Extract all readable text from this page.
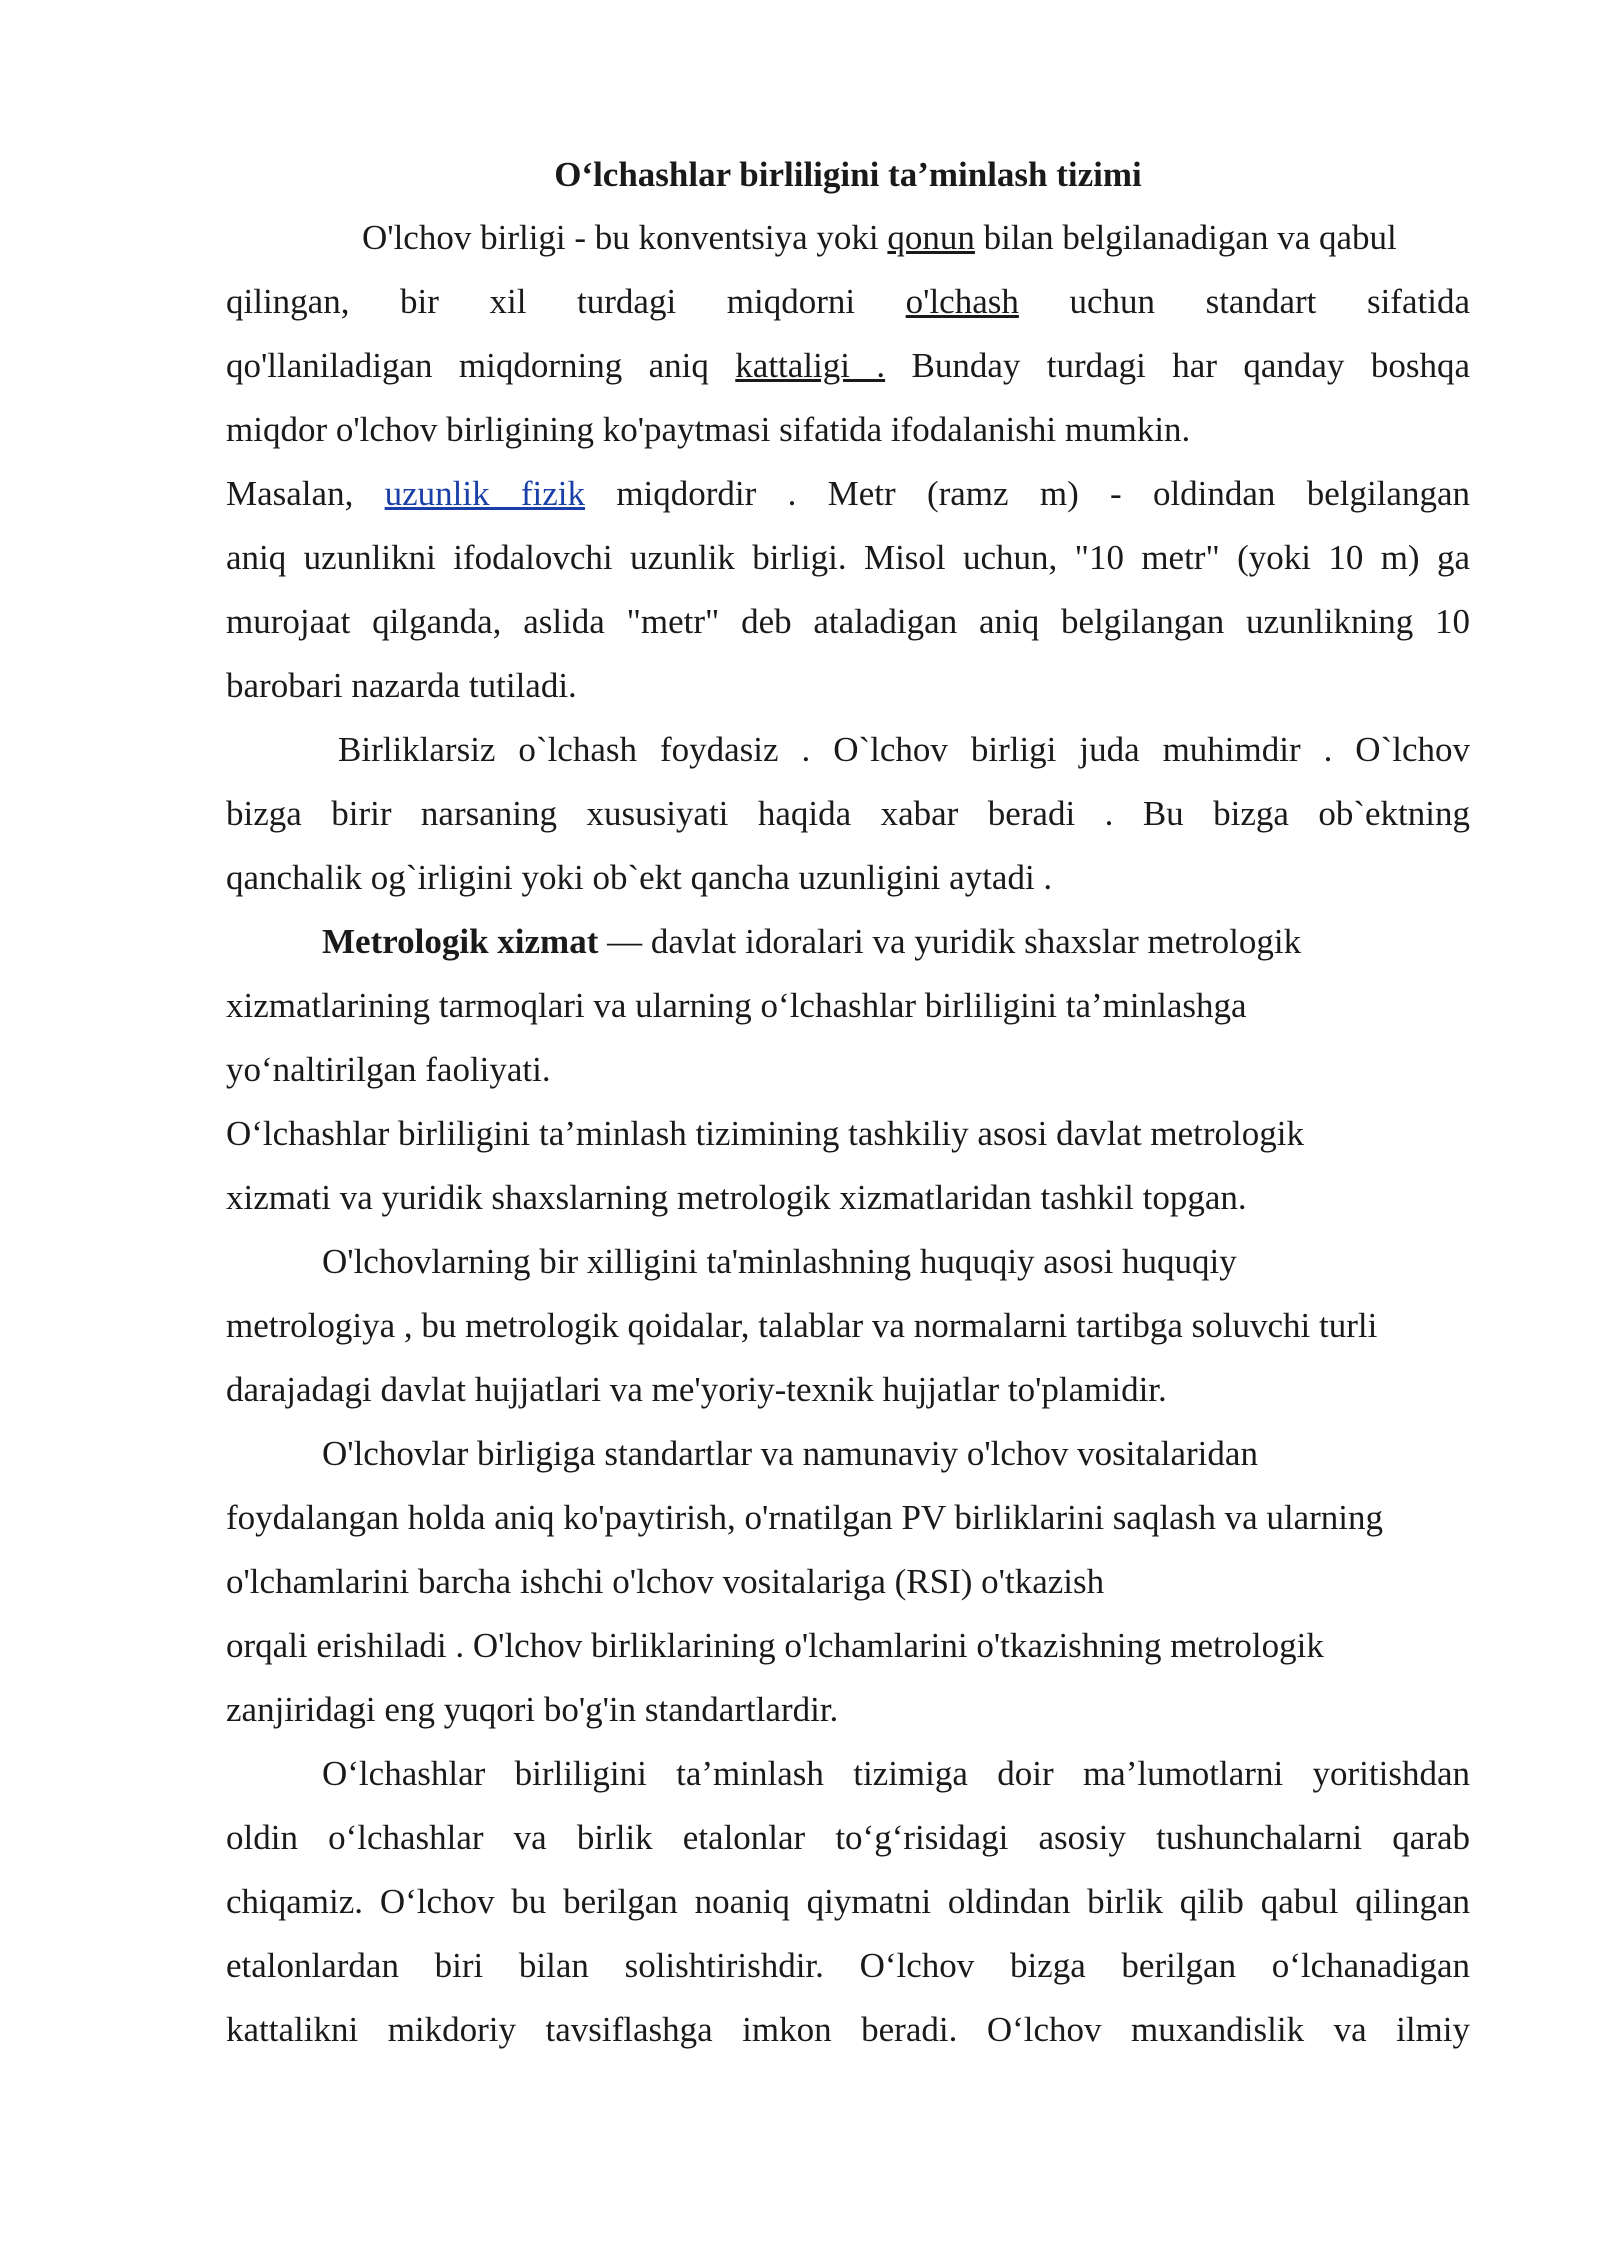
O‘lchashlar birliligini ta’minlash tizimi
O'lchov birligi - bu konventsiya yoki qonun bilan belgilanadigan va qabul
qilingan, bir xil turdagi miqdorni o'lchash uchun standart sifatida
qo'llaniladigan miqdorning aniq kattaligi . Bunday turdagi har qanday boshqa
miqdor o'lchov birligining ko'paytmasi sifatida ifodalanishi mumkin.
Masalan, uzunlik fizik miqdordir . Metr (ramz m) - oldindan belgilangan
aniq uzunlikni ifodalovchi uzunlik birligi. Misol uchun, "10 metr" (yoki 10 m) ga
murojaat qilganda, aslida "metr" deb ataladigan aniq belgilangan uzunlikning 10
barobari nazarda tutiladi.
Birliklarsiz o`lchash foydasiz . O`lchov birligi juda muhimdir . O`lchov
bizga birir narsaning xususiyati haqida xabar beradi . Bu bizga ob`ektning
qanchalik og`irligini yoki ob`ekt qancha uzunligini aytadi .
Metrologik xizmat — davlat idoralari va yuridik shaxslar metrologik
xizmatlarining tarmoqlari va ularning o‘lchashlar birliligini ta’minlashga
yo‘naltirilgan faoliyati.
O‘lchashlar birliligini ta’minlash tizimining tashkiliy asosi davlat metrologik
xizmati va yuridik shaxslarning metrologik xizmatlaridan tashkil topgan.
O'lchovlarning bir xilligini ta'minlashning huquqiy asosi huquqiy
metrologiya , bu metrologik qoidalar, talablar va normalarni tartibga soluvchi turli
darajadagi davlat hujjatlari va me'yoriy-texnik hujjatlar to'plamidir.
O'lchovlar birligiga standartlar va namunaviy o'lchov vositalaridan
foydalangan holda aniq ko'paytirish, o'rnatilgan PV birliklarini saqlash va ularning
o'lchamlarini barcha ishchi o'lchov vositalariga (RSI) o'tkazish
orqali erishiladi . O'lchov birliklarining o'lchamlarini o'tkazishning metrologik
zanjiridagi eng yuqori bo'g'in standartlardir.
O‘lchashlar birliligini ta’minlash tizimiga doir ma’lumotlarni yoritishdan
oldin o‘lchashlar va birlik etalonlar to‘g‘risidagi asosiy tushunchalarni qarab
chiqamiz. O‘lchov bu berilgan noaniq qiymatni oldindan birlik qilib qabul qilingan
etalonlardan biri bilan solishtirishdir. O‘lchov bizga berilgan o‘lchanadigan
kattalikni mikdoriy tavsiflashga imkon beradi. O‘lchov muxandislik va ilmiy
